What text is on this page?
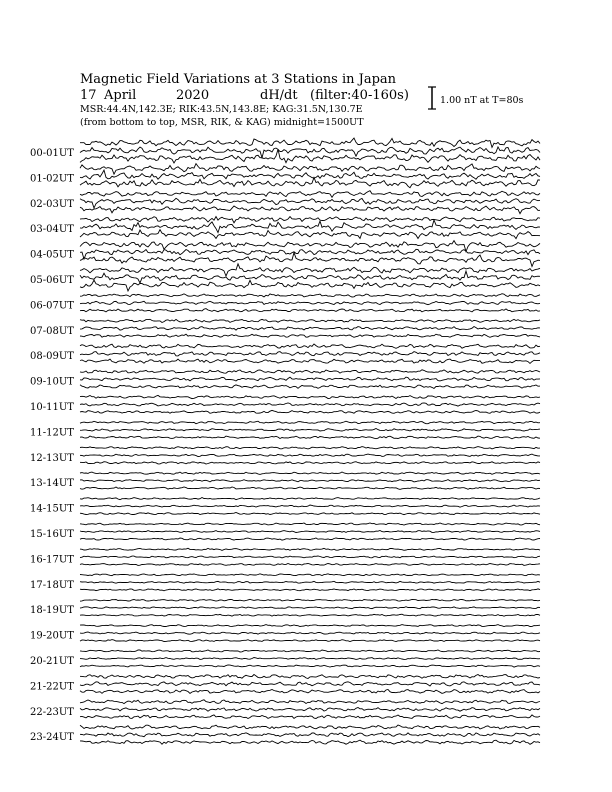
Magnetic Field Variations at 3 Stations in Japan
17 April	2020	dH/dt (filter:40-160s)
MSR:44.4N,142.3E; RIK:43.5N,143.8E; KAG:31.5N,130.7E
(from bottom to top, MSR, RIK, & KAG) midnight=1500UT
1.00 nT at T=80s
00-01UT
01-02UT
02-03UT
03-04UT
04-05UT
05-06UT
06-07UT
07-08UT
08-09UT
09-10UT
10-11UT
11-12UT
12-13UT
13-14UT
14-15UT
15-16UT
16-17UT
17-18UT
18-19UT
19-20UT
20-21UT
21-22UT
22-23UT
23-24UT
